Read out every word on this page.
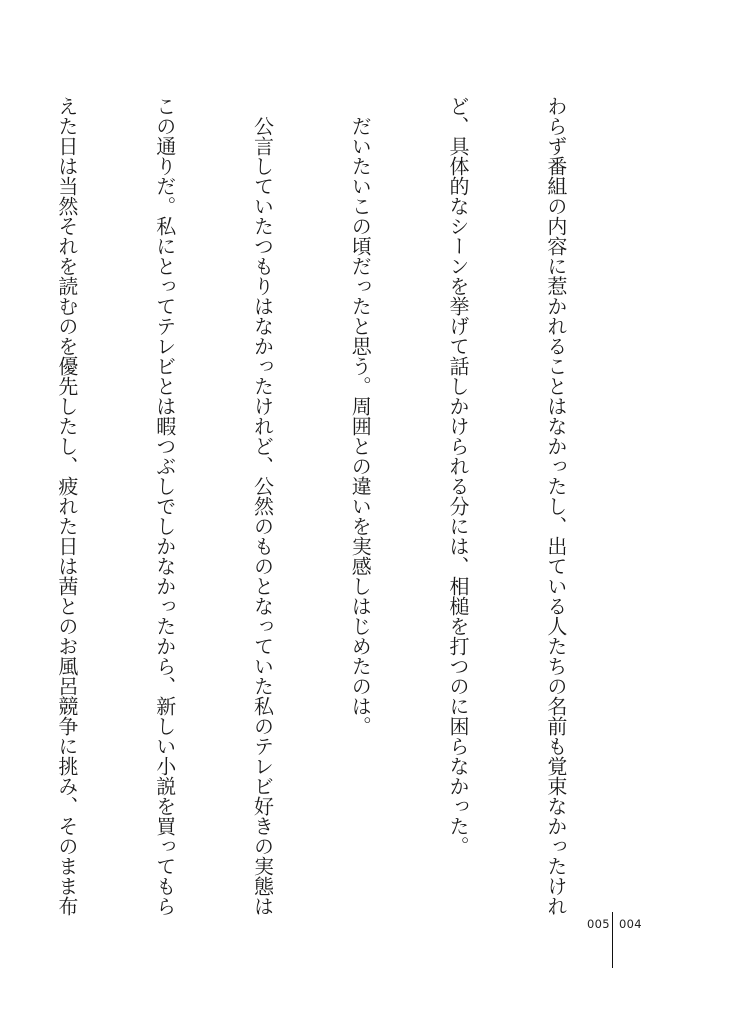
わらず番組の内容に惹かれることはなかったし、出ている人たちの名前も覚束なかったけれ

ど、具体的なシーンを挙げて話しかけられる分には、相槌を打つのに困らなかった。

　だいたいこの頃だったと思う。周囲との違いを実感しはじめたのは。

　公言していたつもりはなかったけれど、公然のものとなっていた私のテレビ好きの実態は

この通りだ。私にとってテレビとは暇つぶしでしかなかったから、新しい小説を買ってもら

えた日は当然それを読むのを優先したし、疲れた日は茜とのお風呂競争に挑み、そのまま布

005 004
